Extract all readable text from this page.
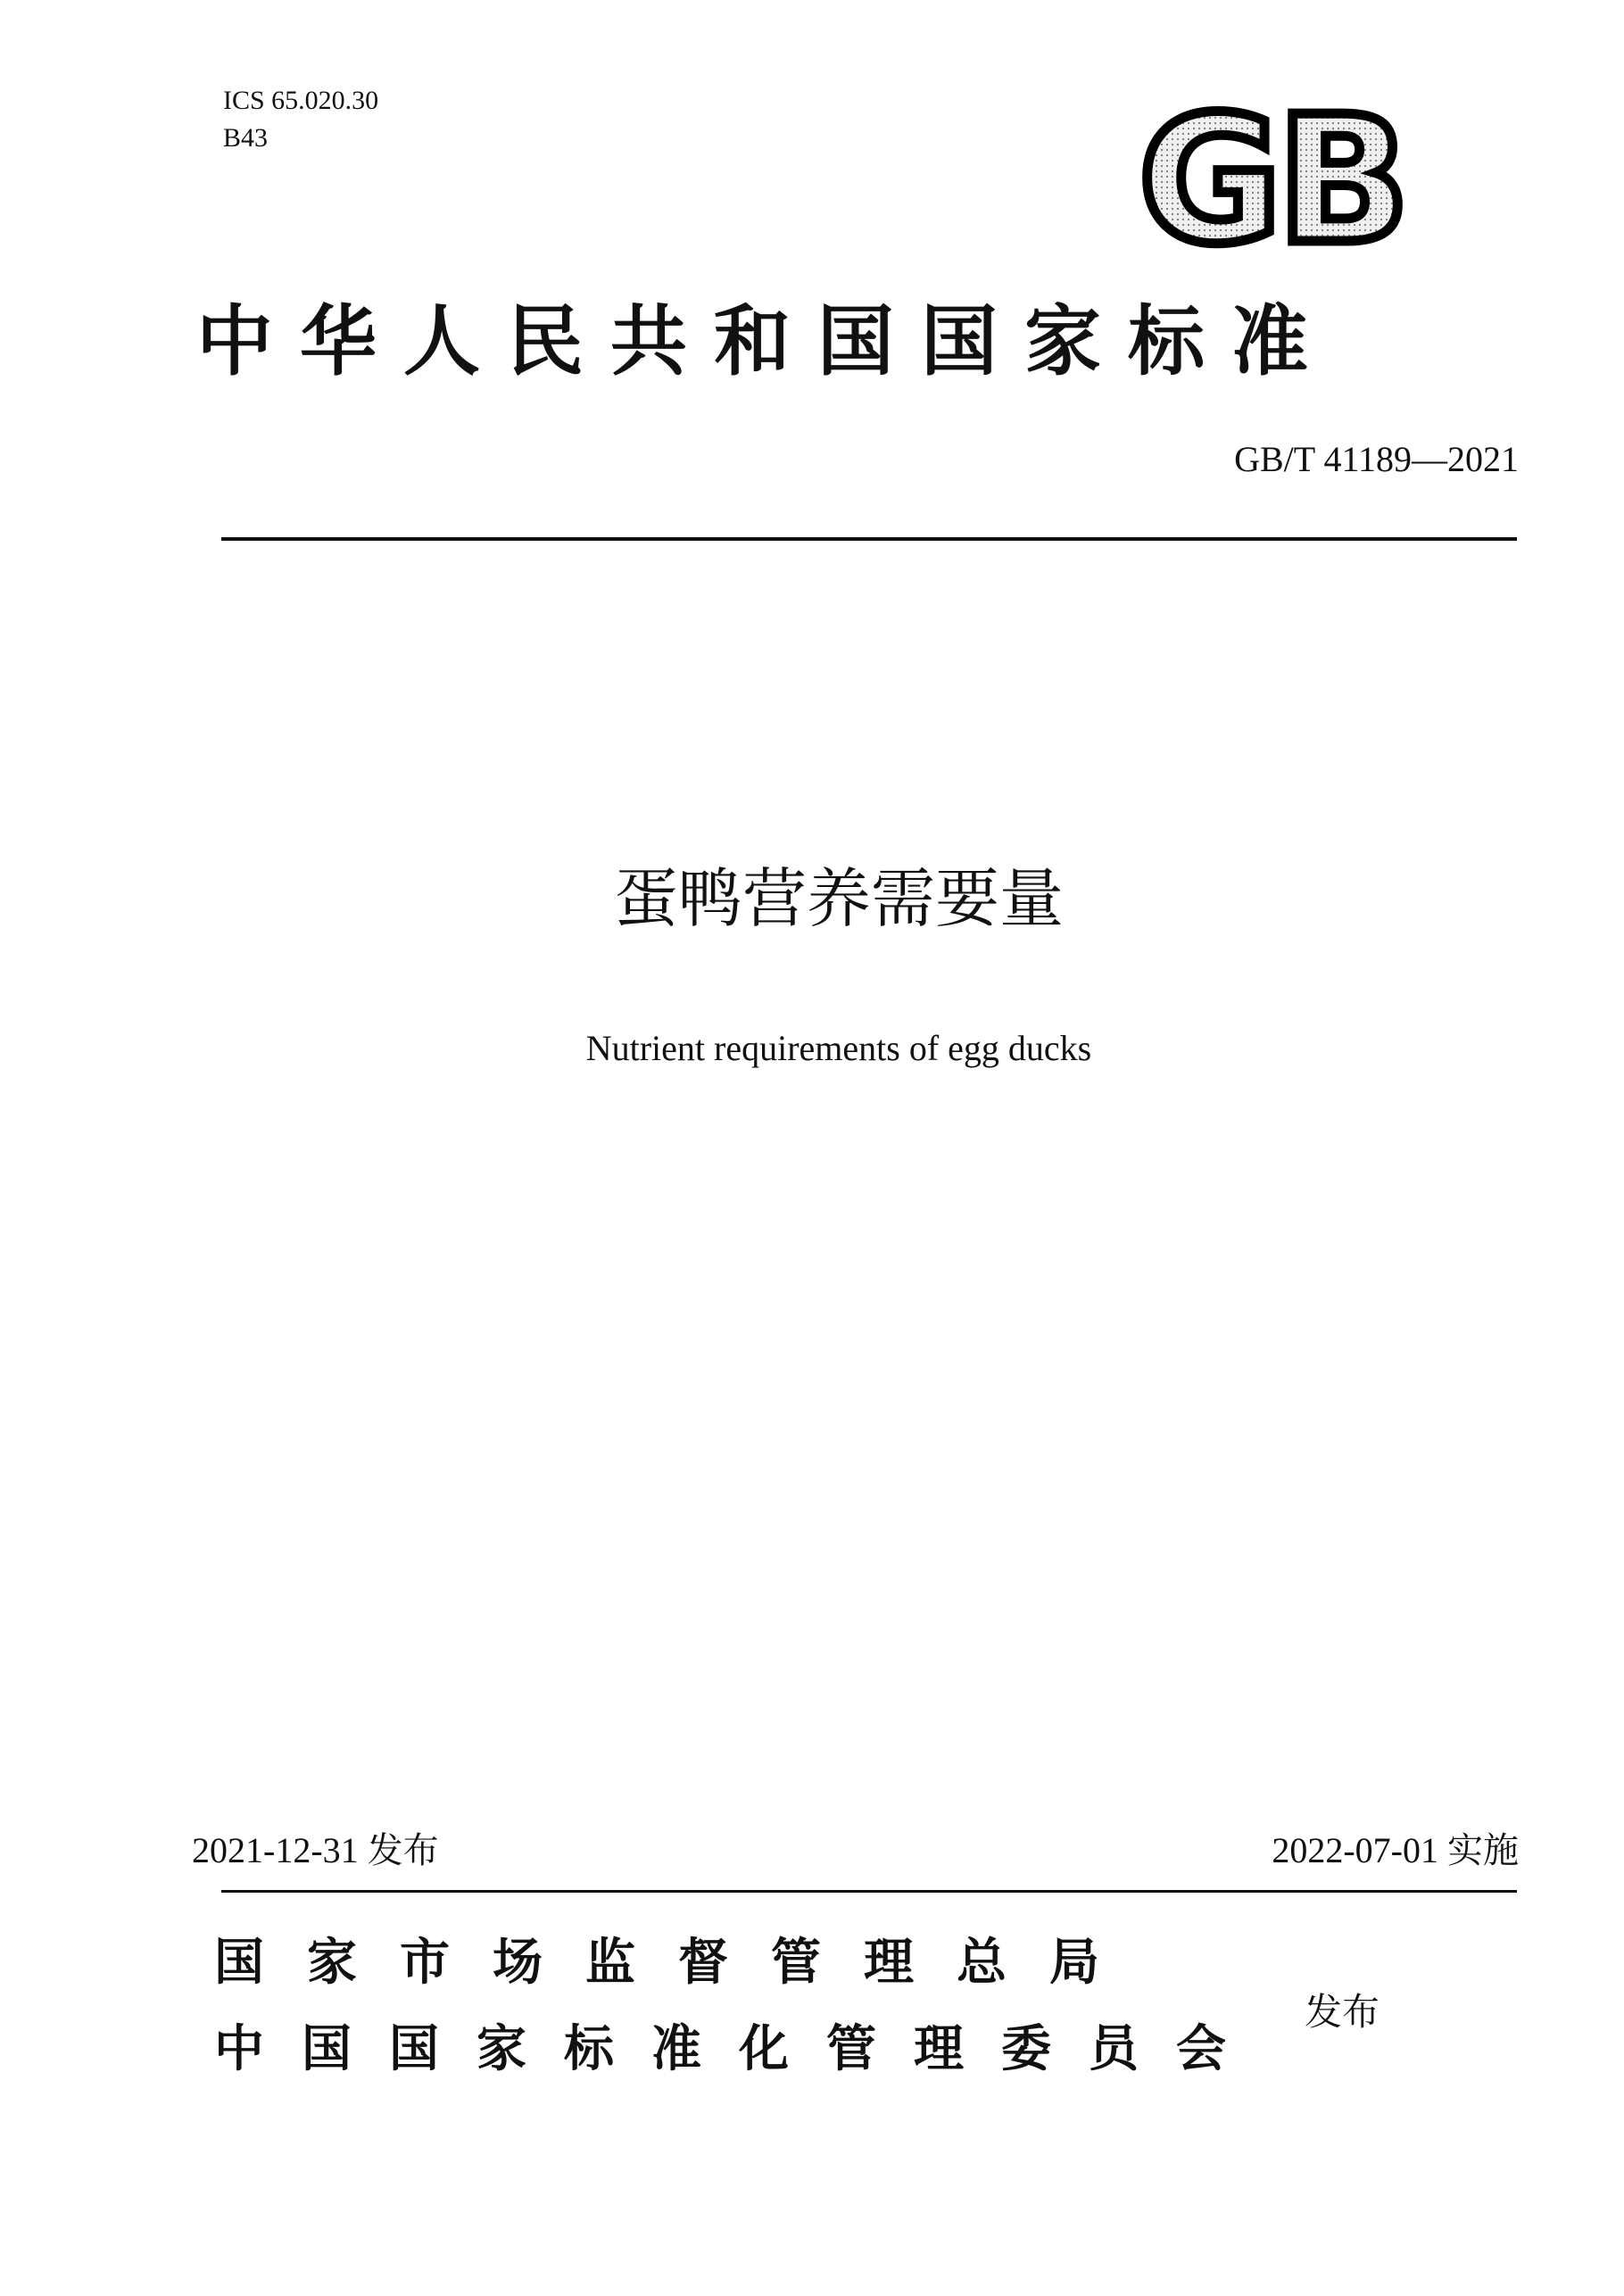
ICS 65.020.30
B43	GB
中华人民共和国国家标准
GB/T 41189—2021
蛋鸭营养需要量
Nutrient requirements of egg ducks
2021-12-31 发布	2022-07-01 实施
国家市场监督管理总局
中国国家标准化管理委员会
发布
